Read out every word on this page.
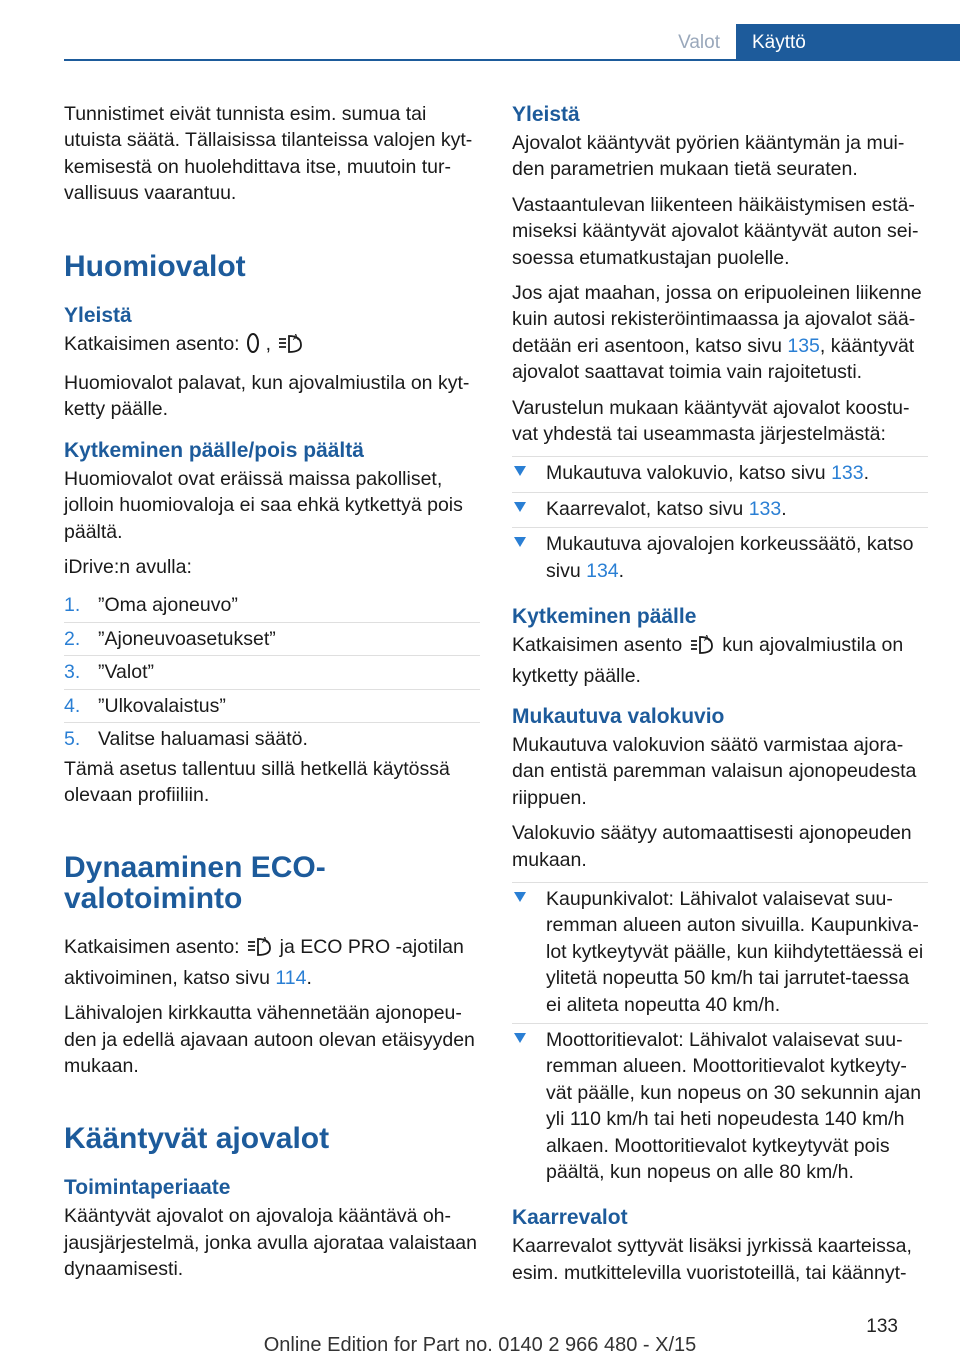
Valot	Käyttö

Tunnistimet eivät tunnista esim. sumua tai utuista säätä. Tällaisissa tilanteissa valojen kyt‐kemisestä on huolehdittava itse, muutoin tur‐vallisuus vaarantuu.

Huomiovalot
Yleistä

Katkaisimen asento: ,	A

Huomiovalot palavat, kun ajovalmiustila on kyt‐ketty päälle.

Kytkeminen päälle/pois päältä

Huomiovalot ovat eräissä maissa pakolliset, jolloin huomiovaloja ei saa ehkä kytkettyä pois päältä.

iDrive:n avulla:

1. ”Oma ajoneuvo”
2. ”Ajoneuvoasetukset”
3. ”Valot”
4. ”Ulkovalaistus”
5. Valitse haluamasi säätö.

Tämä asetus tallentuu sillä hetkellä käytössä olevaan profiiliin.

Dynaaminen ECO-valotoiminto

Katkaisimen asento:	A ja ECO PRO -ajotilan aktivoiminen, katso sivu 114.

Lähivalojen kirkkautta vähennetään ajonopeu‐den ja edellä ajavaan autoon olevan etäisyyden mukaan.

Kääntyvät ajovalot
Toimintaperiaate

Kääntyvät ajovalot on ajovaloja kääntävä oh‐jausjärjestelmä, jonka avulla ajorataa valaistaan dynaamisesti.

Yleistä

Ajovalot kääntyvät pyörien kääntymän ja mui‐den parametrien mukaan tietä seuraten.

Vastaantulevan liikenteen häikäistymisen estä‐miseksi kääntyvät ajovalot kääntyvät auton sei‐soessa etumatkustajan puolelle.

Jos ajat maahan, jossa on eripuoleinen liikenne kuin autosi rekisteröintimaassa ja ajovalot sää‐detään eri asentoon, katso sivu 135, kääntyvät ajovalot saattavat toimia vain rajoitetusti.

Varustelun mukaan kääntyvät ajovalot koostu‐vat yhdestä tai useammasta järjestelmästä:

Mukautuva valokuvio, katso sivu 133.
Kaarrevalot, katso sivu 133.
Mukautuva ajovalojen korkeussäätö, katso sivu 134.
Kytkeminen päälle

Katkaisimen asento	A kun ajovalmiustila on kytketty päälle.

Mukautuva valokuvio

Mukautuva valokuvion säätö varmistaa ajora‐dan entistä paremman valaisun ajonopeudesta riippuen.

Valokuvio säätyy automaattisesti ajonopeuden mukaan.

Kaupunkivalot: Lähivalot valaisevat suu‐remman alueen auton sivuilla. Kaupunkiva‐lot kytkeytyvät päälle, kun kiihdytettäessä ei ylitetä nopeutta 50 km/h tai jarrutet‐taessa ei aliteta nopeutta 40 km/h.
Moottoritievalot: Lähivalot valaisevat suu‐remman alueen. Moottoritievalot kytkeyty‐vät päälle, kun nopeus on 30 sekunnin ajan yli 110 km/h tai heti nopeudesta 140 km/h alkaen. Moottoritievalot kytkeytyvät pois päältä, kun nopeus on alle 80 km/h.
Kaarrevalot

Kaarrevalot syttyvät lisäksi jyrkissä kaarteissa, esim. mutkittelevilla vuoristoteillä, tai käännyt‐

133
Online Edition for Part no. 0140 2 966 480 - X/15
